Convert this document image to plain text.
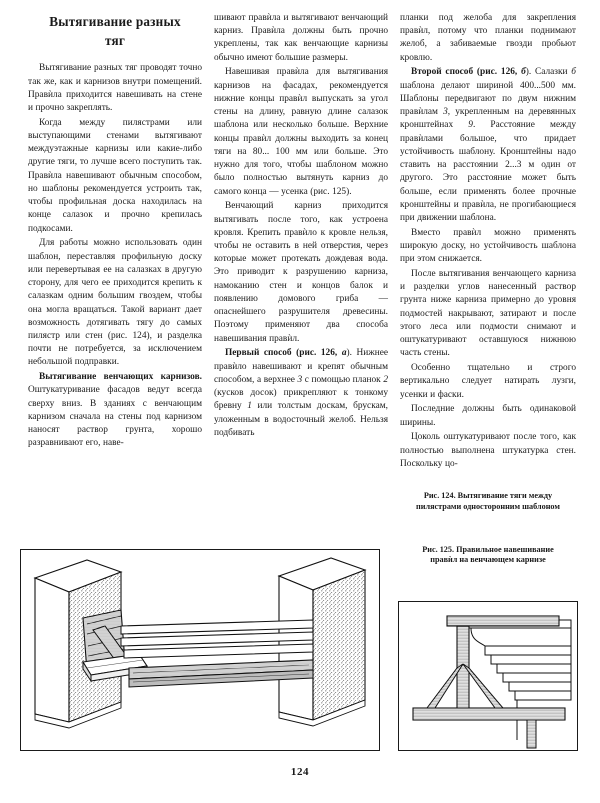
Вытягивание разных
тяг

Вытягивание разных тяг проводят точно так же, как и карнизов внутри помещений. Правѝла приходится навешивать на стене и прочно закреплять.

Когда между пилястрами или выступающими стенами вытягивают междуэтажные карнизы или какие-либо другие тяги, то лучше всего поступить так. Правѝла навешивают обычным способом, но шаблоны рекомендуется устроить так, чтобы профильная доска находилась на конце салазок и прочно крепилась подкосами.

Для работы можно использовать один шаблон, переставляя профильную доску или перевертывая ее на салазках в другую сторону, для чего ее приходится крепить к салазкам одним большим гвоздем, чтобы она могла вращаться. Такой вариант дает возможность дотягивать тягу до самых пилястр или стен (рис. 124), и разделка почти не потребуется, за исключением небольшой подправки.

Вытягивание венчающих карнизов. Оштукатуривание фасадов ведут всегда сверху вниз. В зданиях с венчающим карнизом сначала на стены под карнизом наносят раствор грунта, хорошо разравнивают его, наве-

шивают правѝла и вытягивают венчающий карниз. Правѝла должны быть прочно укреплены, так как венчающие карнизы обычно имеют большие размеры.

Навешивая правѝла для вытягивания карнизов на фасадах, рекомендуется нижние концы правѝл выпускать за угол стены на длину, равную длине салазок шаблона или несколько больше. Верхние концы правѝл должны выходить за конец тяги на 80... 100 мм или больше. Это нужно для того, чтобы шаблоном можно было полностью вытянуть карниз до самого конца — усенка (рис. 125).

Венчающий карниз приходится вытягивать после того, как устроена кровля. Крепить правѝло к кровле нельзя, чтобы не оставить в ней отверстия, через которые может протекать дождевая вода. Это приводит к разрушению карниза, намоканию стен и концов балок и появлению домового гриба — опаснейшего разрушителя древесины. Поэтому применяют два способа навешивания правѝл.

Первый способ (рис. 126, а). Нижнее правѝло навешивают и крепят обычным способом, а верхнее 3 с помощью планок 2 (кусков досок) прикрепляют к тонкому бревну 1 или толстым доскам, брускам, уложенным в водосточный желоб. Нельзя подбивать

планки под желоба для закрепления правѝл, потому что планки поднимают желоб, а забиваемые гвозди пробьют кровлю.

Второй способ (рис. 126, б). Салазки б шаблона делают шириной 400...500 мм. Шаблоны передвигают по двум нижним правѝлам 3, укрепленным на деревянных кронштейнах 9. Расстояние между правѝлами большое, что придает устойчивость шаблону. Кронштейны надо ставить на расстоянии 2...3 м один от другого. Это расстояние может быть больше, если применять более прочные кронштейны и правѝла, не прогибающиеся при движении шаблона.

Вместо правѝл можно применять широкую доску, но устойчивость шаблона при этом снижается.

После вытягивания венчающего карниза и разделки углов нанесенный раствор грунта ниже карниза примерно до уровня подмостей накрывают, затирают и после этого леса или подмости снимают и оштукатуривают оставшуюся нижнюю часть стены.

Особенно тщательно и строго вертикально следует натирать лузги, усенки и фаски.

Последние должны быть одинаковой ширины.

Цоколь оштукатуривают после того, как полностью выполнена штукатурка стен. Поскольку цо-

Рис. 124. Вытягивание тяги между
пилястрами односторонним шаблоном

Рис. 125. Правильное навешивание
правѝл на венчающем карнизе

124
